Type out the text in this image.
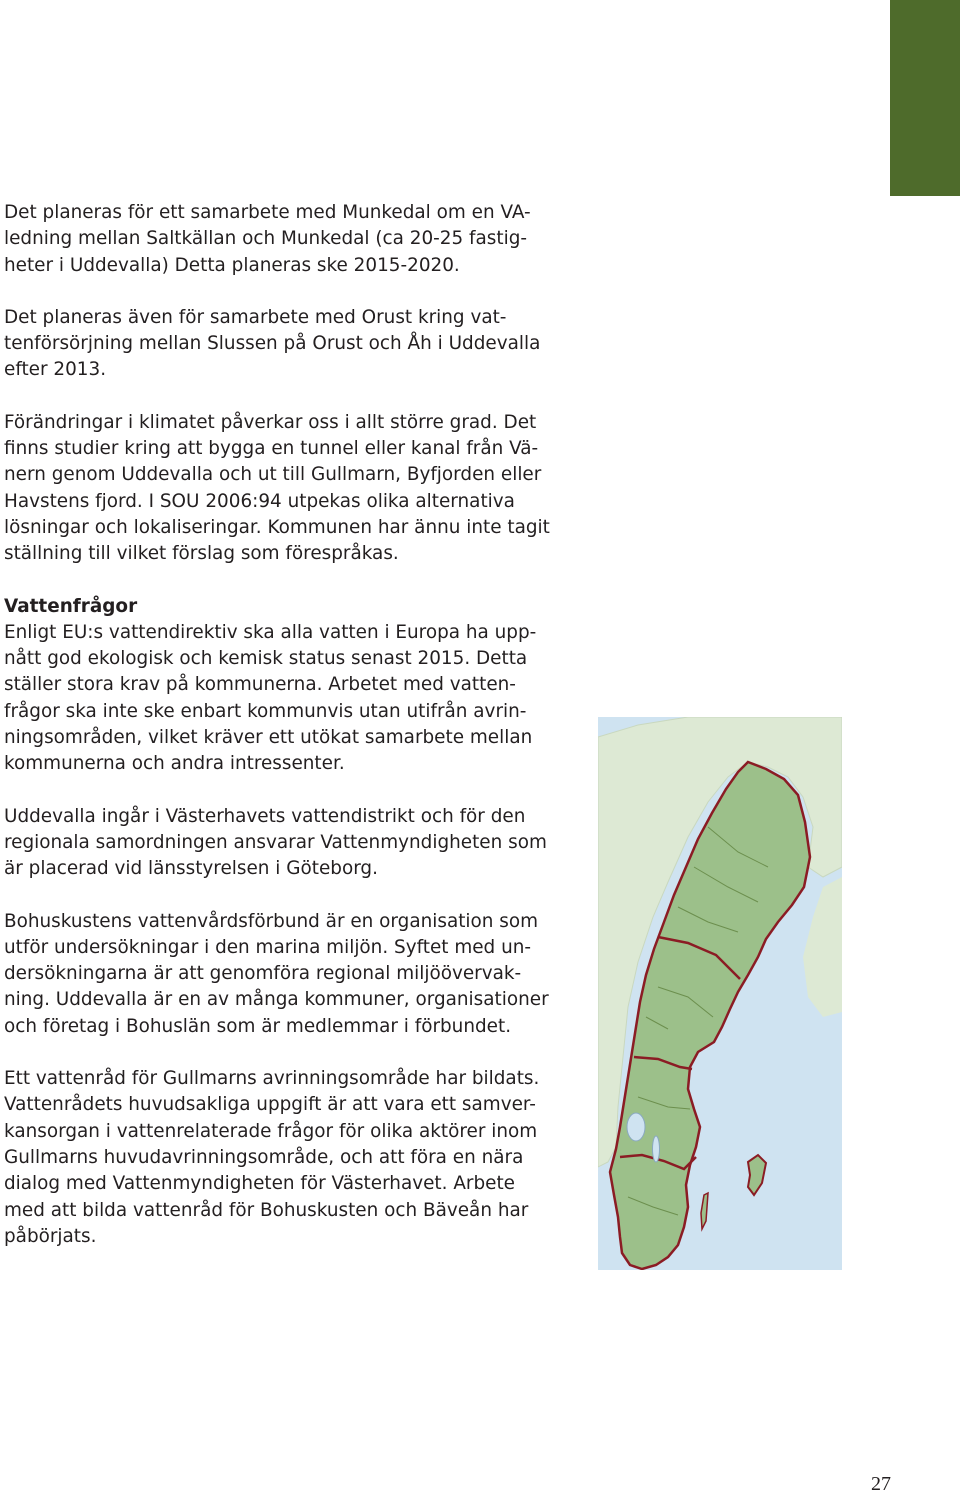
Det planeras för ett samarbete med Munkedal om en VA-
ledning mellan Saltkällan och Munkedal (ca 20-25 fastig-
heter i Uddevalla) Detta planeras ske 2015-2020.

Det planeras även för samarbete med Orust kring vat-
tenförsörjning mellan Slussen på Orust och Åh i Uddevalla
efter 2013.

Förändringar i klimatet påverkar oss i allt större grad. Det
finns studier kring att bygga en tunnel eller kanal från Vä-
nern genom Uddevalla och ut till Gullmarn, Byfjorden eller
Havstens fjord. I SOU 2006:94 utpekas olika alternativa
lösningar och lokaliseringar. Kommunen har ännu inte tagit
ställning till vilket förslag som förespråkas.

Vattenfrågor
Enligt EU:s vattendirektiv ska alla vatten i Europa ha upp-
nått god ekologisk och kemisk status senast 2015. Detta
ställer stora krav på kommunerna. Arbetet med vatten-
frågor ska inte ske enbart kommunvis utan utifrån avrin-
ningsområden, vilket kräver ett utökat samarbete mellan
kommunerna och andra intressenter.

Uddevalla ingår i Västerhavets vattendistrikt och för den
regionala samordningen ansvarar Vattenmyndigheten som
är placerad vid länsstyrelsen i Göteborg.

Bohuskustens vattenvårdsförbund är en organisation som
utför undersökningar i den marina miljön. Syftet med un-
dersökningarna är att genomföra regional miljöövervak-
ning. Uddevalla är en av många kommuner, organisationer
och företag i Bohuslän som är medlemmar i förbundet.

Ett vattenråd för Gullmarns avrinningsområde har bildats.
Vattenrådets huvudsakliga uppgift är att vara ett samver-
kansorgan i vattenrelaterade frågor för olika aktörer inom
Gullmarns huvudavrinningsområde, och att föra en nära
dialog med Vattenmyndigheten för Västerhavet. Arbete
med att bilda vattenråd för Bohuskusten och Bäveån har
påbörjats.

27
